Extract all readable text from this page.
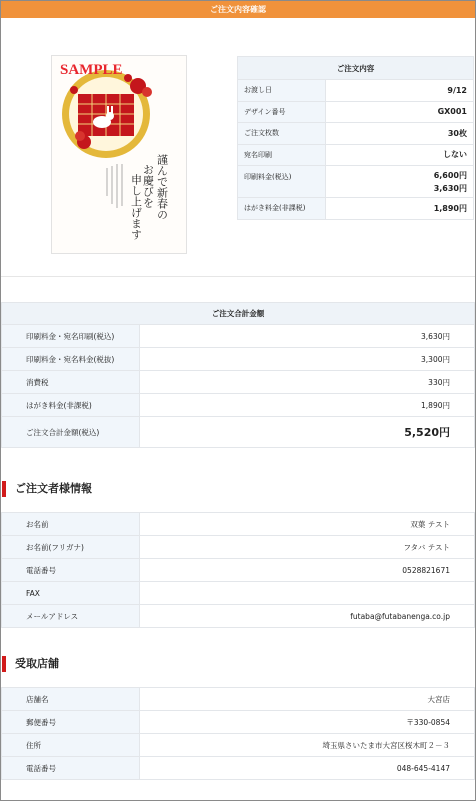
ご注文内容確認
SAMPLE
謹んで新春の
お慶びを
申し上げます
ご注文内容	
お渡し日	9/12
デザイン番号	GX001
ご注文枚数	30枚
宛名印刷	しない
印刷料金(税込)	6,600円
3,630円

はがき料金(非課税)	1,890円
ご注文合計金額	
印刷料金・宛名印刷(税込)	3,630円
印刷料金・宛名料金(税抜)	3,300円
消費税	330円
はがき料金(非課税)	1,890円
ご注文合計金額(税込)	5,520円
ご注文者様情報
お名前	双葉 テスト
お名前(フリガナ)	フタバ テスト
電話番号	0528821671
FAX	
メールアドレス	futaba@futabanenga.co.jp
受取店舗
店舗名	大宮店
郵便番号	〒330-0854
住所	埼玉県さいたま市大宮区桜木町２－３
電話番号	048-645-4147
